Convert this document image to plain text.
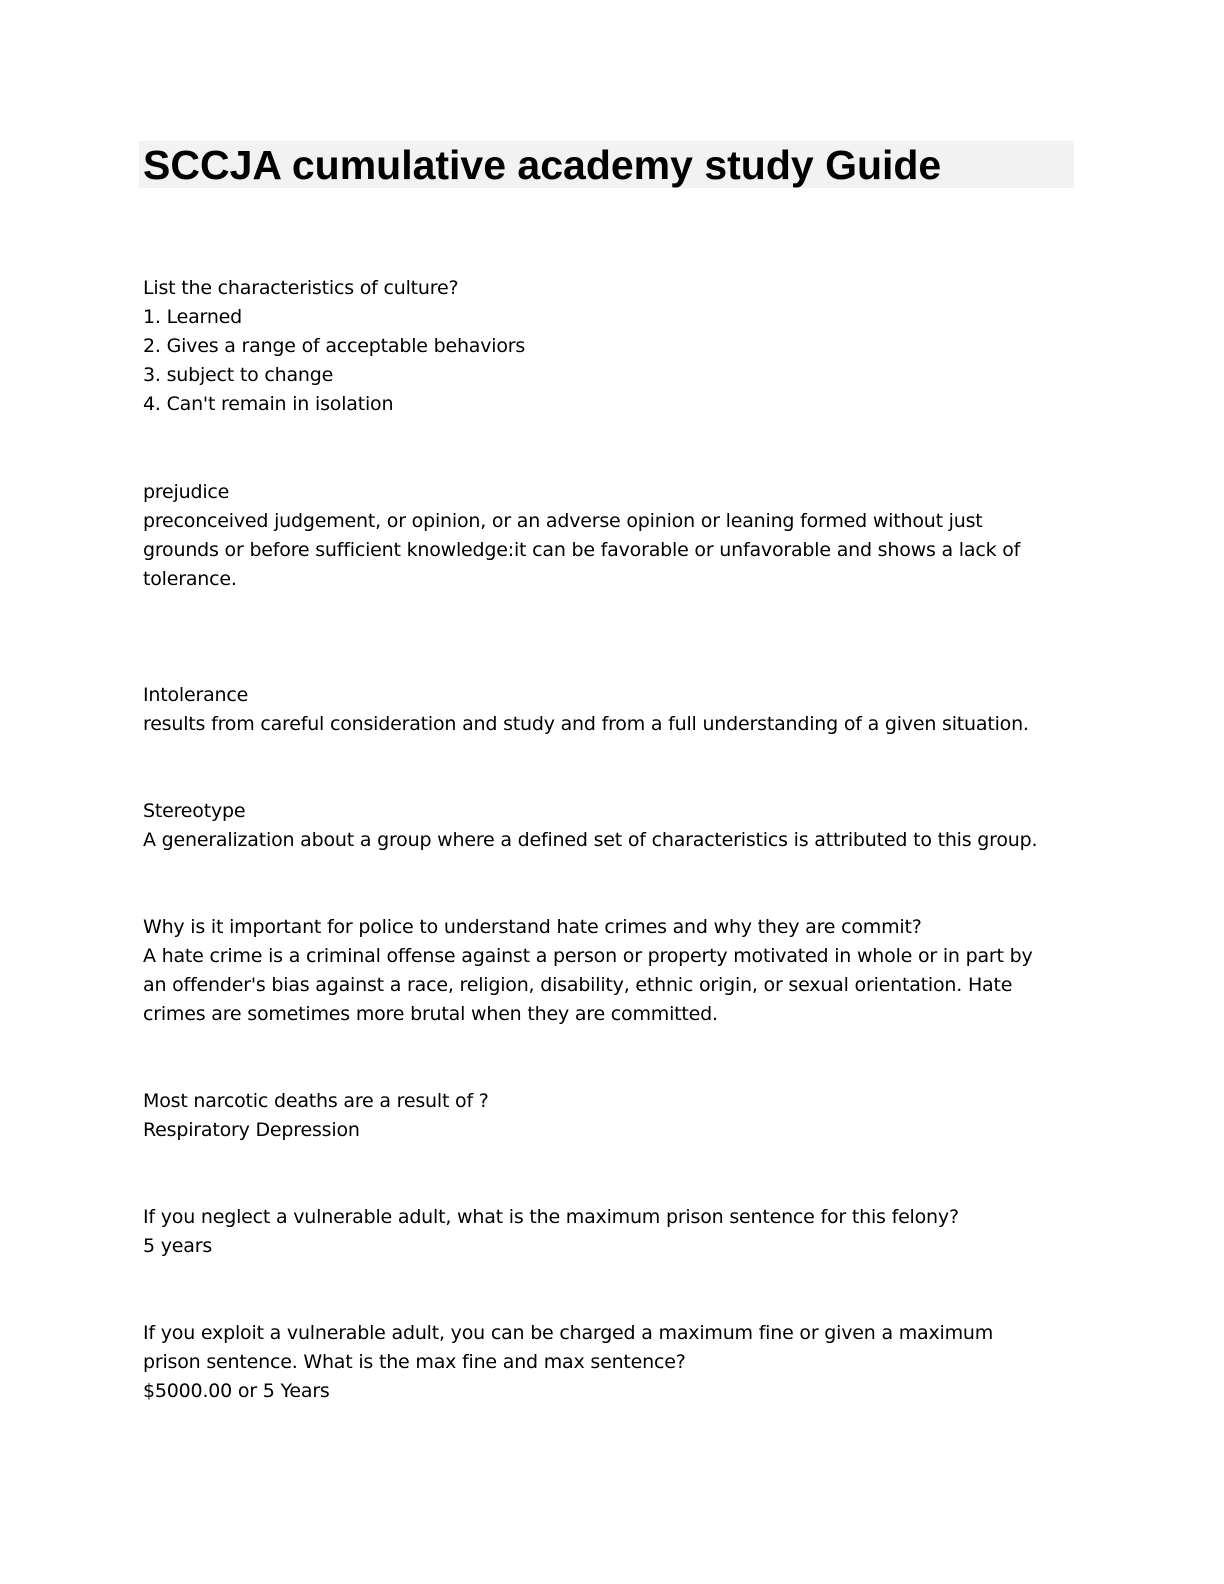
SCCJA cumulative academy study Guide
List the characteristics of culture?
1. Learned
2. Gives a range of acceptable behaviors
3. subject to change
4. Can't remain in isolation
prejudice
preconceived judgement, or opinion, or an adverse opinion or leaning formed without just
grounds or before sufficient knowledge:it can be favorable or unfavorable and shows a lack of
tolerance.
Intolerance
results from careful consideration and study and from a full understanding of a given situation.
Stereotype
A generalization about a group where a defined set of characteristics is attributed to this group.
Why is it important for police to understand hate crimes and why they are commit?
A hate crime is a criminal offense against a person or property motivated in whole or in part by
an offender's bias against a race, religion, disability, ethnic origin, or sexual orientation. Hate
crimes are sometimes more brutal when they are committed.
Most narcotic deaths are a result of ?
Respiratory Depression
If you neglect a vulnerable adult, what is the maximum prison sentence for this felony?
5 years
If you exploit a vulnerable adult, you can be charged a maximum fine or given a maximum
prison sentence. What is the max fine and max sentence?
$5000.00 or 5 Years
